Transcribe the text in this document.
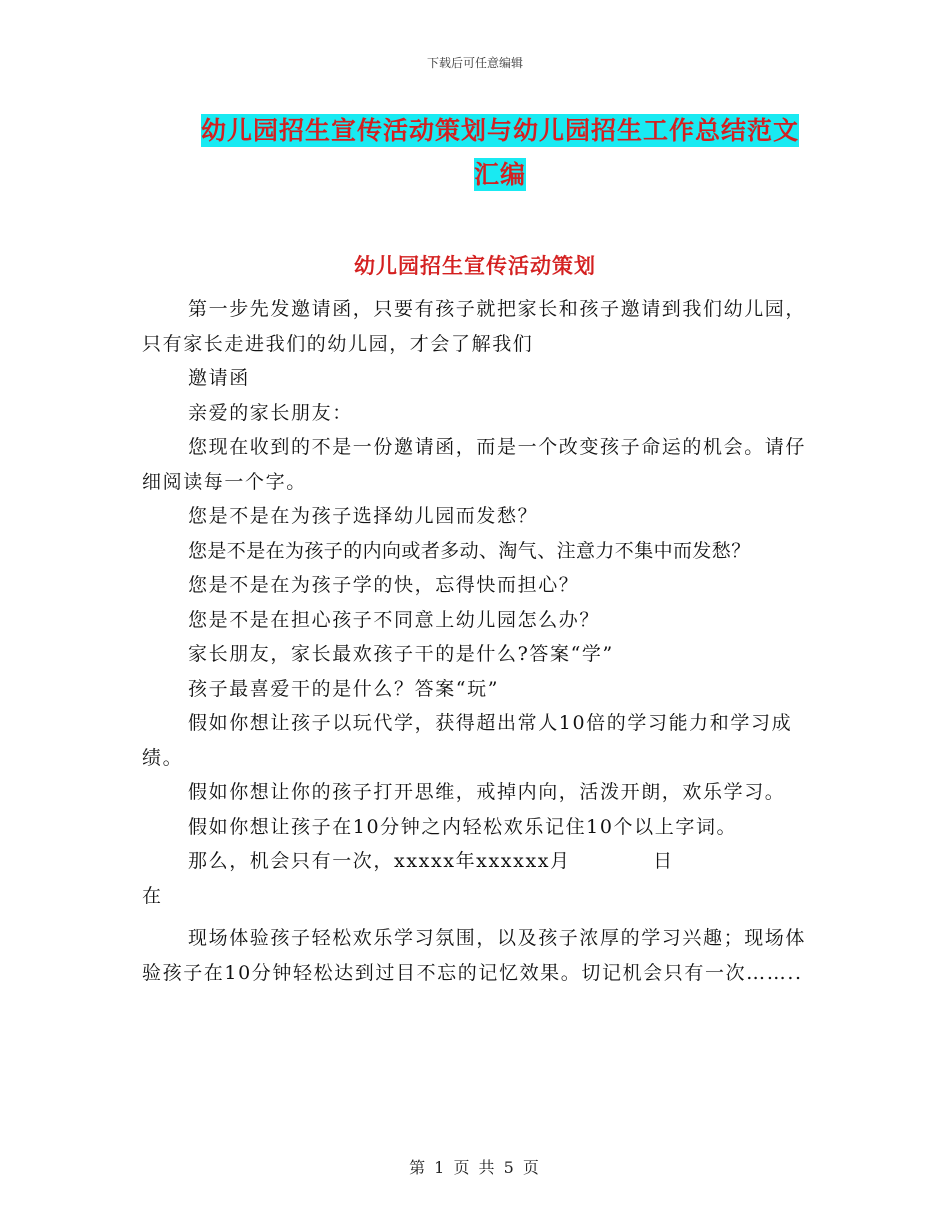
下载后可任意编辑
幼儿园招生宣传活动策划与幼儿园招生工作总结范文
汇编
幼儿园招生宣传活动策划

第一步先发邀请函，只要有孩子就把家长和孩子邀请到我们幼儿园，只有家长走进我们的幼儿园，才会了解我们

邀请函

亲爱的家长朋友：

您现在收到的不是一份邀请函，而是一个改变孩子命运的机会。请仔细阅读每一个字。

您是不是在为孩子选择幼儿园而发愁？

您是不是在为孩子的内向或者多动、淘气、注意力不集中而发愁？

您是不是在为孩子学的快，忘得快而担心？

您是不是在担心孩子不同意上幼儿园怎么办？

家长朋友，家长最欢孩子干的是什么?答案“学”

孩子最喜爱干的是什么？答案“玩”

假如你想让孩子以玩代学，获得超出常人10倍的学习能力和学习成绩。

假如你想让你的孩子打开思维，戒掉内向，活泼开朗，欢乐学习。

假如你想让孩子在10分钟之内轻松欢乐记住10个以上字词。

那么，机会只有一次，xxxxx年xxxxxx月　　　　日

在

现场体验孩子轻松欢乐学习氛围，以及孩子浓厚的学习兴趣；现场体验孩子在10分钟轻松达到过目不忘的记忆效果。切记机会只有一次……..

第 1 页 共 5 页
